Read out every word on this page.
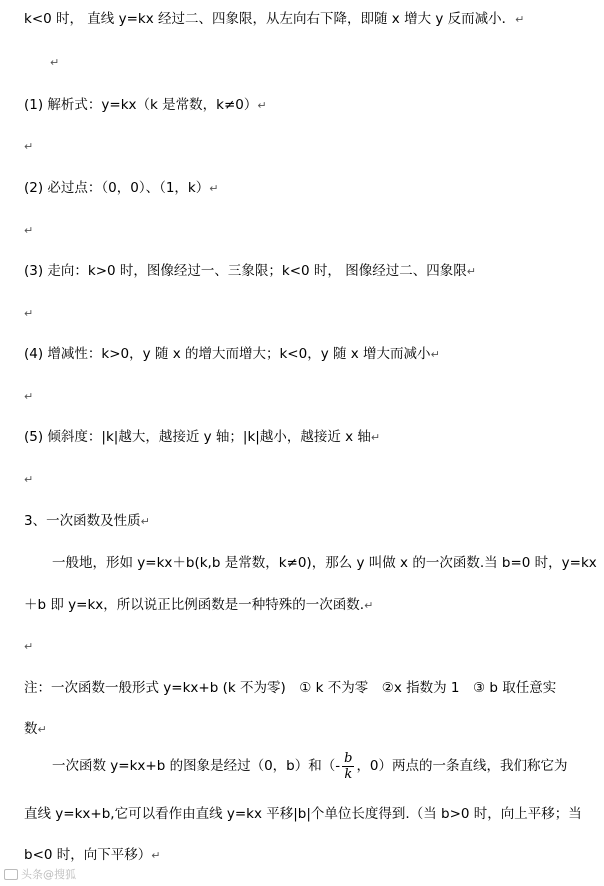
k<0 时， 直线 y=kx 经过二、四象限，从左向右下降，即随 x 增大 y 反而减小．↵
↵
(1) 解析式：y=kx（k 是常数，k≠0）↵
↵
(2) 必过点：（0，0）、（1，k）↵
↵
(3) 走向：k>0 时，图像经过一、三象限；k<0 时， 图像经过二、四象限↵
↵
(4) 增减性：k>0，y 随 x 的增大而增大；k<0，y 随 x 增大而减小↵
↵
(5) 倾斜度：|k|越大，越接近 y 轴；|k|越小，越接近 x 轴↵
↵
3、一次函数及性质↵
一般地，形如 y=kx＋b(k,b 是常数，k≠0)，那么 y 叫做 x 的一次函数.当 b=0 时，y=kx
＋b 即 y=kx，所以说正比例函数是一种特殊的一次函数.↵
↵
注：一次函数一般形式 y=kx+b (k 不为零)　① k 不为零　②x 指数为 1　③ b 取任意实
数↵
一次函数 y=kx+b 的图象是经过（0，b）和（- $\frac{b}{k}$ ，0）两点的一条直线，我们称它为
直线 y=kx+b,它可以看作由直线 y=kx 平移|b|个单位长度得到.（当 b>0 时，向上平移；当
b<0 时，向下平移）↵
头条@搜狐
